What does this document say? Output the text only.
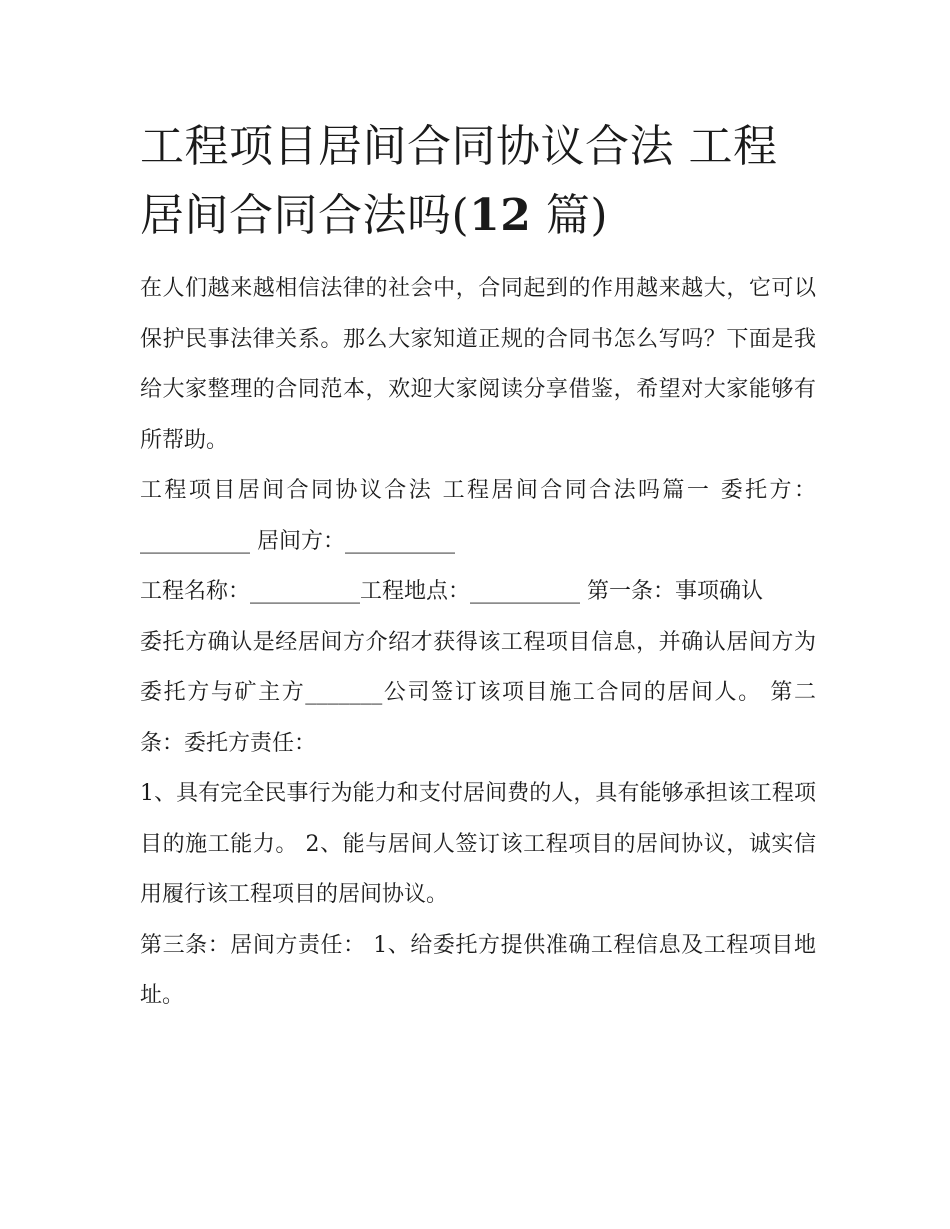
工程项目居间合同协议合法 工程居间合同合法吗(12 篇)

在人们越来越相信法律的社会中，合同起到的作用越来越大，它可以保护民事法律关系。那么大家知道正规的合同书怎么写吗？下面是我给大家整理的合同范本，欢迎大家阅读分享借鉴，希望对大家能够有所帮助。

工程项目居间合同协议合法 工程居间合同合法吗篇一 委托方：__________ 居间方：__________

工程名称：__________工程地点：__________ 第一条：事项确认

委托方确认是经居间方介绍才获得该工程项目信息，并确认居间方为委托方与矿主方_______公司签订该项目施工合同的居间人。 第二条：委托方责任：

1、具有完全民事行为能力和支付居间费的人，具有能够承担该工程项目的施工能力。 2、能与居间人签订该工程项目的居间协议，诚实信用履行该工程项目的居间协议。

第三条：居间方责任： 1、给委托方提供准确工程信息及工程项目地址。
